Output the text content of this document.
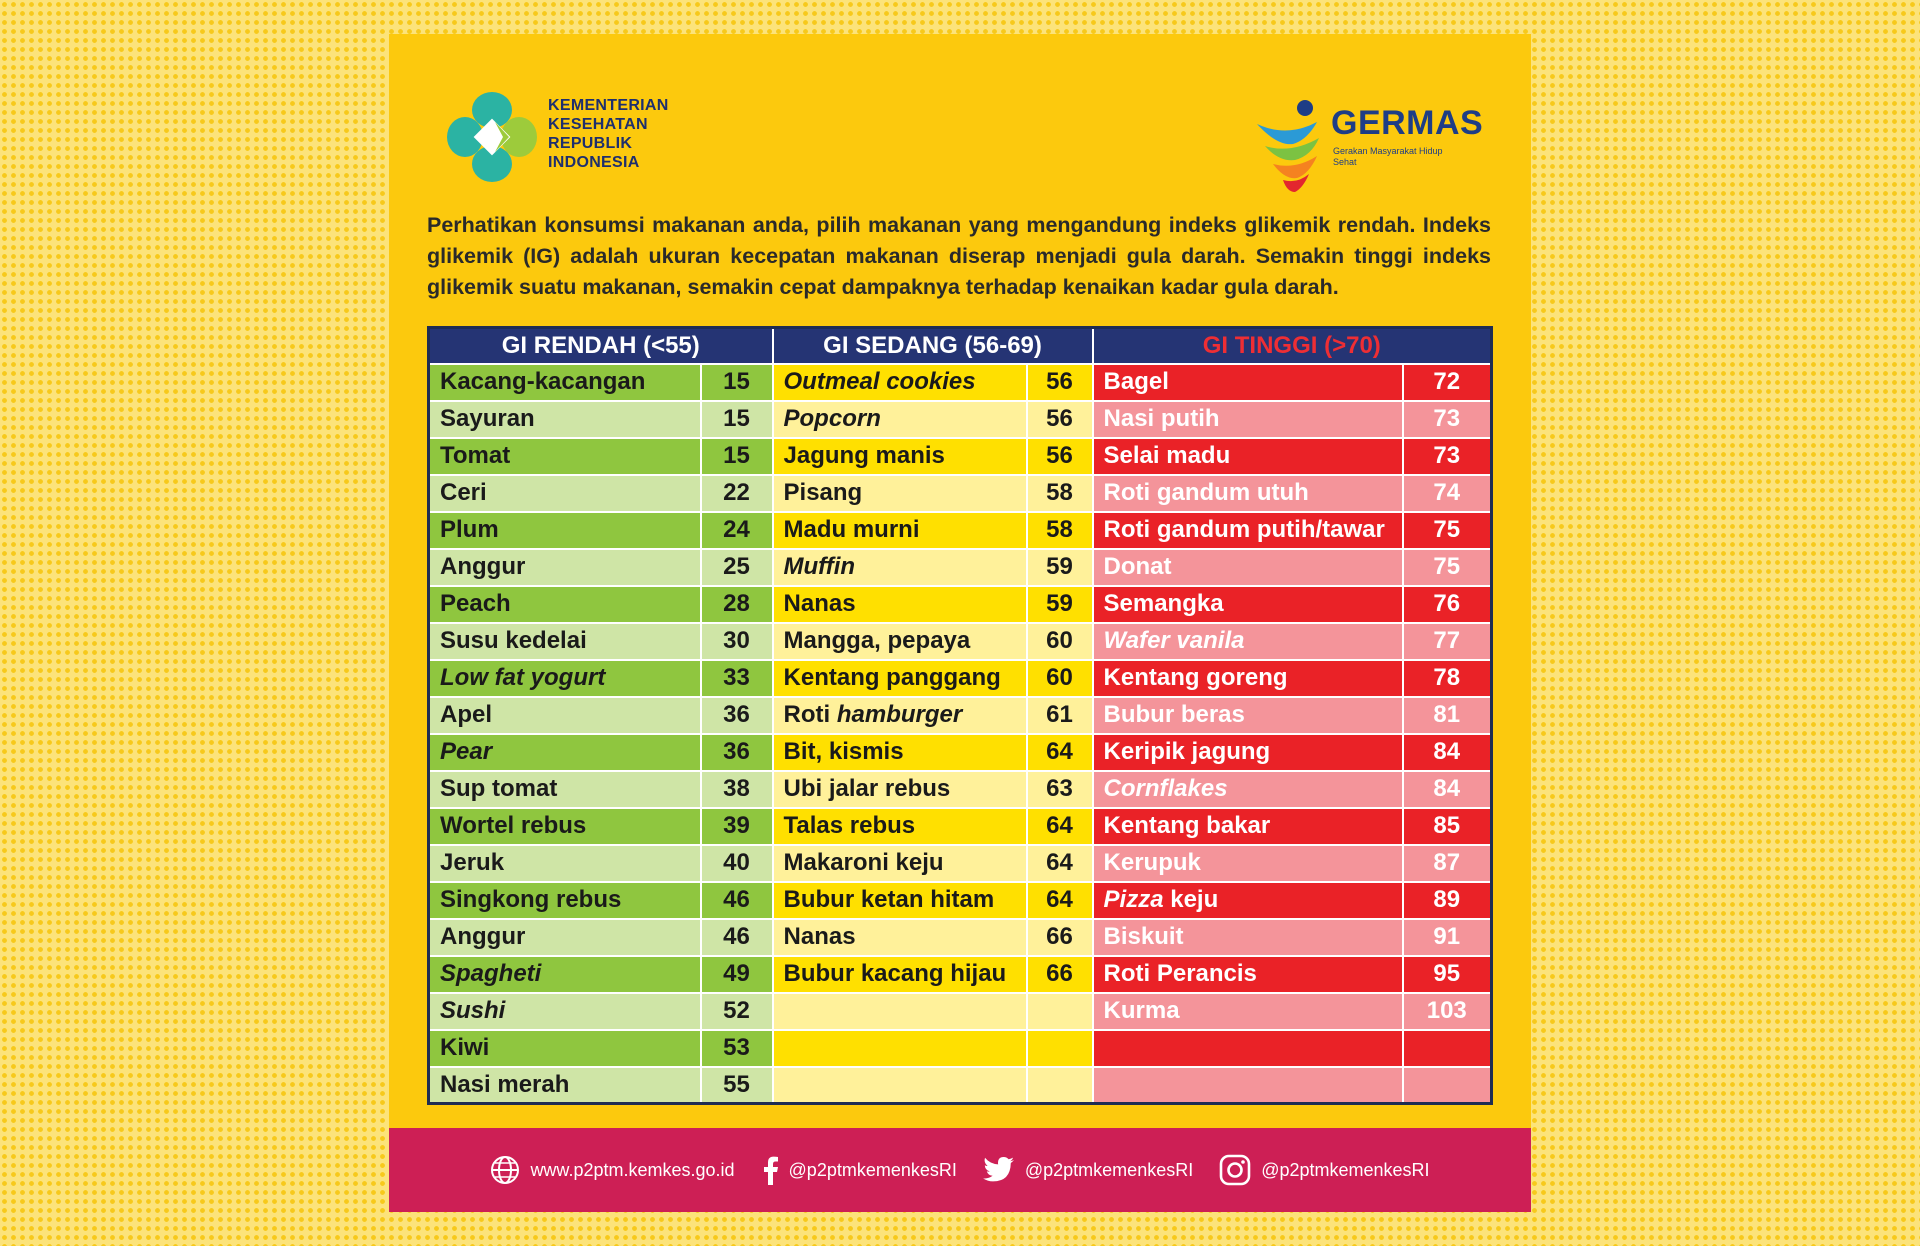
KEMENTERIAN
KESEHATAN
REPUBLIK
INDONESIA
GERMAS
Gerakan Masyarakat Hidup Sehat
Perhatikan konsumsi makanan anda, pilih makanan yang mengandung indeks glikemik rendah. Indeks glikemik (IG) adalah ukuran kecepatan makanan diserap menjadi gula darah. Semakin tinggi indeks glikemik suatu makanan, semakin cepat dampaknya terhadap kenaikan kadar gula darah.
GI RENDAH (<55)		GI SEDANG (56-69)		GI TINGGI (>70)	
Kacang-kacangan	15	Outmeal cookies	56	Bagel	72
Sayuran	15	Popcorn	56	Nasi putih	73
Tomat	15	Jagung manis	56	Selai madu	73
Ceri	22	Pisang	58	Roti gandum utuh	74
Plum	24	Madu murni	58	Roti gandum putih/tawar	75
Anggur	25	Muffin	59	Donat	75
Peach	28	Nanas	59	Semangka	76
Susu kedelai	30	Mangga, pepaya	60	Wafer vanila	77
Low fat yogurt	33	Kentang panggang	60	Kentang goreng	78
Apel	36	Roti hamburger	61	Bubur beras	81
Pear	36	Bit, kismis	64	Keripik jagung	84
Sup tomat	38	Ubi jalar rebus	63	Cornflakes	84
Wortel rebus	39	Talas rebus	64	Kentang bakar	85
Jeruk	40	Makaroni keju	64	Kerupuk	87
Singkong rebus	46	Bubur ketan hitam	64	Pizza keju	89
Anggur	46	Nanas	66	Biskuit	91
Spagheti	49	Bubur kacang hijau	66	Roti Perancis	95
Sushi	52			Kurma	103
Kiwi	53				
Nasi merah	55				
www.p2ptm.kemkes.go.id	@p2ptmkemenkesRI	@p2ptmkemenkesRI	@p2ptmkemenkesRI
